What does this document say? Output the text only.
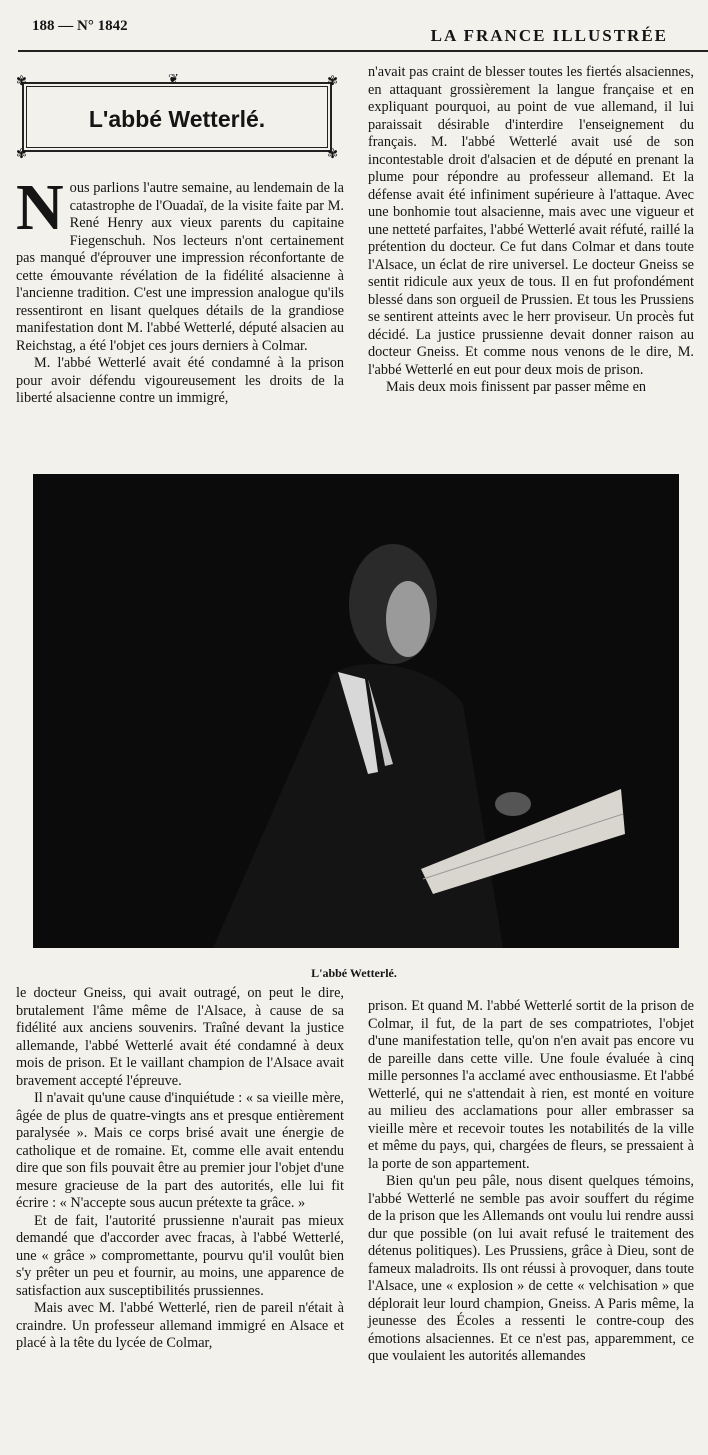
188 — N° 1842	LA FRANCE ILLUSTRÉE
✾	✾
❦
✾	✾
L'abbé Wetterlé.

Nous parlions l'autre semaine, au lendemain de la catastrophe de l'Ouadaï, de la visite faite par M. René Henry aux vieux parents du capitaine Fiegenschuh. Nos lecteurs n'ont certainement pas manqué d'éprouver une impression réconfortante de cette émouvante révélation de la fidélité alsacienne à l'ancienne tradition. C'est une impression analogue qu'ils ressentiront en lisant quelques détails de la grandiose manifestation dont M. l'abbé Wetterlé, député alsacien au Reichstag, a été l'objet ces jours derniers à Colmar.

M. l'abbé Wetterlé avait été condamné à la prison pour avoir défendu vigoureusement les droits de la liberté alsacienne contre un immigré,

n'avait pas craint de blesser toutes les fiertés alsaciennes, en attaquant grossièrement la langue française et en expliquant pourquoi, au point de vue allemand, il lui paraissait désirable d'interdire l'enseignement du français. M. l'abbé Wetterlé avait usé de son incontestable droit d'alsacien et de député en prenant la plume pour répondre au professeur allemand. Et la défense avait été infiniment supérieure à l'attaque. Avec une bonhomie tout alsacienne, mais avec une vigueur et une netteté parfaites, l'abbé Wetterlé avait réfuté, raillé la prétention du docteur. Ce fut dans Colmar et dans toute l'Alsace, un éclat de rire universel. Le docteur Gneiss se sentit ridicule aux yeux de tous. Il en fut profondément blessé dans son orgueil de Prussien. Et tous les Prussiens se sentirent atteints avec le herr proviseur. Un procès fut décidé. La justice prussienne devait donner raison au docteur Gneiss. Et comme nous venons de le dire, M. l'abbé Wetterlé en eut pour deux mois de prison.

Mais deux mois finissent par passer même en

L'abbé Wetterlé.

le docteur Gneiss, qui avait outragé, on peut le dire, brutalement l'âme même de l'Alsace, à cause de sa fidélité aux anciens souvenirs. Traîné devant la justice allemande, l'abbé Wetterlé avait été condamné à deux mois de prison. Et le vaillant champion de l'Alsace avait bravement accepté l'épreuve.

Il n'avait qu'une cause d'inquiétude : « sa vieille mère, âgée de plus de quatre-vingts ans et presque entièrement paralysée ». Mais ce corps brisé avait une énergie de catholique et de romaine. Et, comme elle avait entendu dire que son fils pouvait être au premier jour l'objet d'une mesure gracieuse de la part des autorités, elle lui fit écrire : « N'accepte sous aucun prétexte ta grâce. »

Et de fait, l'autorité prussienne n'aurait pas mieux demandé que d'accorder avec fracas, à l'abbé Wetterlé, une « grâce » compromettante, pourvu qu'il voulût bien s'y prêter un peu et fournir, au moins, une apparence de satisfaction aux susceptibilités prussiennes.

Mais avec M. l'abbé Wetterlé, rien de pareil n'était à craindre. Un professeur allemand immigré en Alsace et placé à la tête du lycée de Colmar,

prison. Et quand M. l'abbé Wetterlé sortit de la prison de Colmar, il fut, de la part de ses compatriotes, l'objet d'une manifestation telle, qu'on n'en avait pas encore vu de pareille dans cette ville. Une foule évaluée à cinq mille personnes l'a acclamé avec enthousiasme. Et l'abbé Wetterlé, qui ne s'attendait à rien, est monté en voiture au milieu des acclamations pour aller embrasser sa vieille mère et recevoir toutes les notabilités de la ville et même du pays, qui, chargées de fleurs, se pressaient à la porte de son appartement.

Bien qu'un peu pâle, nous disent quelques témoins, l'abbé Wetterlé ne semble pas avoir souffert du régime de la prison que les Allemands ont voulu lui rendre aussi dur que possible (on lui avait refusé le traitement des détenus politiques). Les Prussiens, grâce à Dieu, sont de fameux maladroits. Ils ont réussi à provoquer, dans toute l'Alsace, une « explosion » de cette « velchisation » que déplorait leur lourd champion, Gneiss. A Paris même, la jeunesse des Écoles a ressenti le contre-coup des émotions alsaciennes. Et ce n'est pas, apparemment, ce que voulaient les autorités allemandes
